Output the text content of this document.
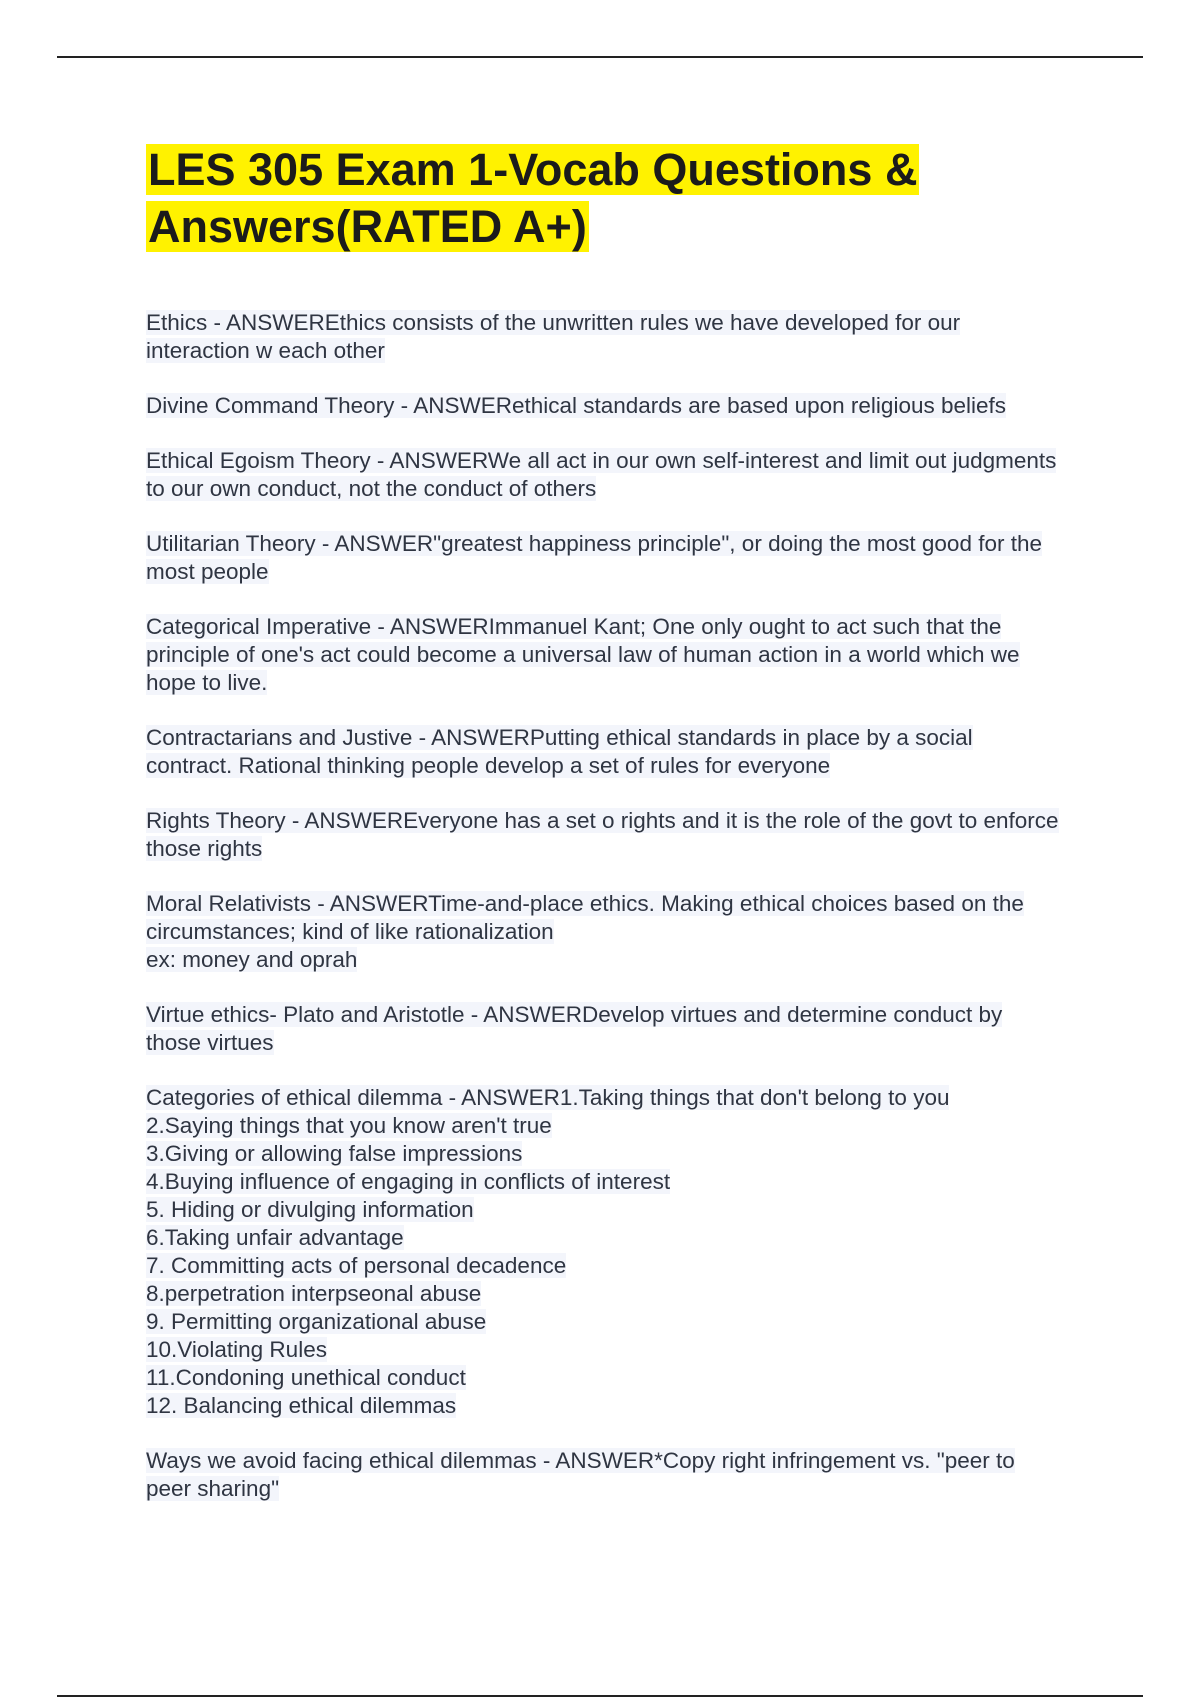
LES 305 Exam 1-Vocab Questions & Answers(RATED A+)

Ethics - ANSWEREthics consists of the unwritten rules we have developed for our interaction w each other

Divine Command Theory - ANSWERethical standards are based upon religious beliefs

Ethical Egoism Theory - ANSWERWe all act in our own self-interest and limit out judgments to our own conduct, not the conduct of others

Utilitarian Theory - ANSWER"greatest happiness principle", or doing the most good for the most people

Categorical Imperative - ANSWERImmanuel Kant; One only ought to act such that the principle of one's act could become a universal law of human action in a world which we hope to live.

Contractarians and Justive - ANSWERPutting ethical standards in place by a social contract. Rational thinking people develop a set of rules for everyone

Rights Theory - ANSWEREveryone has a set o rights and it is the role of the govt to enforce those rights

Moral Relativists - ANSWERTime-and-place ethics. Making ethical choices based on the circumstances; kind of like rationalization
ex: money and oprah

Virtue ethics- Plato and Aristotle - ANSWERDevelop virtues and determine conduct by those virtues

Categories of ethical dilemma - ANSWER1.Taking things that don't belong to you
2.Saying things that you know aren't true
3.Giving or allowing false impressions
4.Buying influence of engaging in conflicts of interest
5. Hiding or divulging information
6.Taking unfair advantage
7. Committing acts of personal decadence
8.perpetration interpseonal abuse
9. Permitting organizational abuse
10.Violating Rules
11.Condoning unethical conduct
12. Balancing ethical dilemmas

Ways we avoid facing ethical dilemmas - ANSWER*Copy right infringement vs. "peer to peer sharing"
